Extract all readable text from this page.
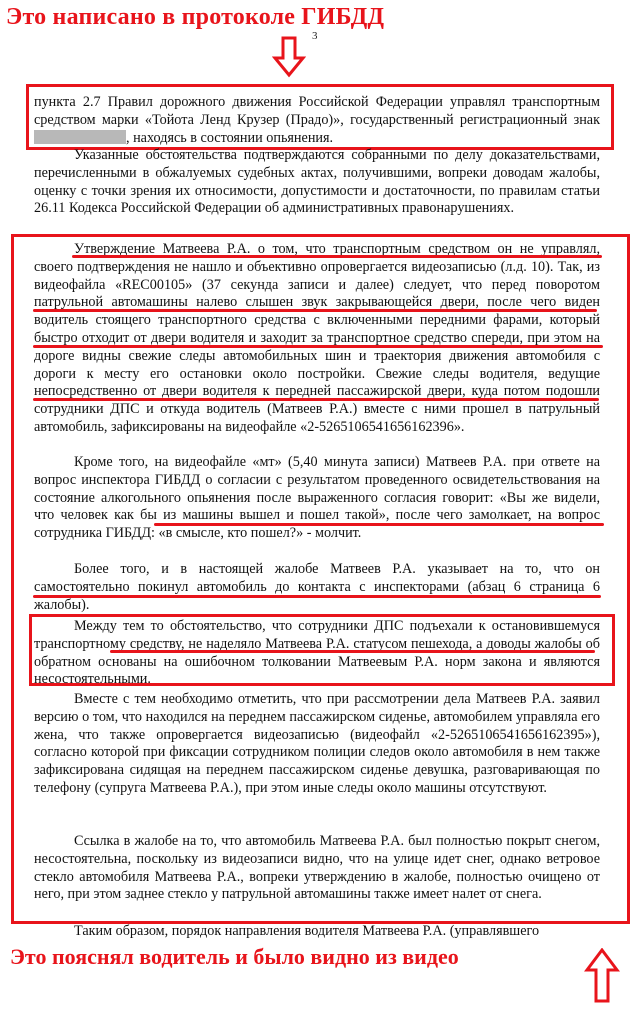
Это написано в протоколе ГИБДД
3

пункта 2.7 Правил дорожного движения Российской Федерации управлял транспортным средством марки «Тойота Ленд Крузер (Прадо)», государственный регистрационный знак , находясь в состоянии опьянения.

Указанные обстоятельства подтверждаются собранными по делу доказательствами, перечисленными в обжалуемых судебных актах, получившими, вопреки доводам жалобы, оценку с точки зрения их относимости, допустимости и достаточности, по правилам статьи 26.11 Кодекса Российской Федерации об административных правонарушениях.

Утверждение Матвеева Р.А. о том, что транспортным средством он не управлял, своего подтверждения не нашло и объективно опровергается видеозаписью (л.д. 10). Так, из видеофайла «REC00105» (37 секунда записи и далее) следует, что перед поворотом патрульной автомашины налево слышен звук закрывающейся двери, после чего виден водитель стоящего транспортного средства с включенными передними фарами, который быстро отходит от двери водителя и заходит за транспортное средство спереди, при этом на дороге видны свежие следы автомобильных шин и траектория движения автомобиля с дороги к месту его остановки около постройки. Свежие следы водителя, ведущие непосредственно от двери водителя к передней пассажирской двери, куда потом подошли сотрудники ДПС и откуда водитель (Матвеев Р.А.) вместе с ними прошел в патрульный автомобиль, зафиксированы на видеофайле «2-5265106541656162396».

Кроме того, на видеофайле «мт» (5,40 минута записи) Матвеев Р.А. при ответе на вопрос инспектора ГИБДД о согласии с результатом проведенного освидетельствования на состояние алкогольного опьянения после выраженного согласия говорит: «Вы же видели, что человек как бы из машины вышел и пошел такой», после чего замолкает, на вопрос сотрудника ГИБДД: «в смысле, кто пошел?» - молчит.

Более того, и в настоящей жалобе Матвеев Р.А. указывает на то, что он самостоятельно покинул автомобиль до контакта с инспекторами (абзац 6 страница 6 жалобы).

Между тем то обстоятельство, что сотрудники ДПС подъехали к остановившемуся транспортному средству, не наделяло Матвеева Р.А. статусом пешехода, а доводы жалобы об обратном основаны на ошибочном толковании Матвеевым Р.А. норм закона и являются несостоятельными.

Вместе с тем необходимо отметить, что при рассмотрении дела Матвеев Р.А. заявил версию о том, что находился на переднем пассажирском сиденье, автомобилем управляла его жена, что также опровергается видеозаписью (видеофайл «2-5265106541656162395»), согласно которой при фиксации сотрудником полиции следов около автомобиля в нем также зафиксирована сидящая на переднем пассажирском сиденье девушка, разговаривающая по телефону (супруга Матвеева Р.А.), при этом иные следы около машины отсутствуют.

Ссылка в жалобе на то, что автомобиль Матвеева Р.А. был полностью покрыт снегом, несостоятельна, поскольку из видеозаписи видно, что на улице идет снег, однако ветровое стекло автомобиля Матвеева Р.А., вопреки утверждению в жалобе, полностью очищено от него, при этом заднее стекло у патрульной автомашины также имеет налет от снега.

Таким образом, порядок направления водителя Матвеева Р.А. (управлявшего

Это пояснял водитель и было видно из видео
